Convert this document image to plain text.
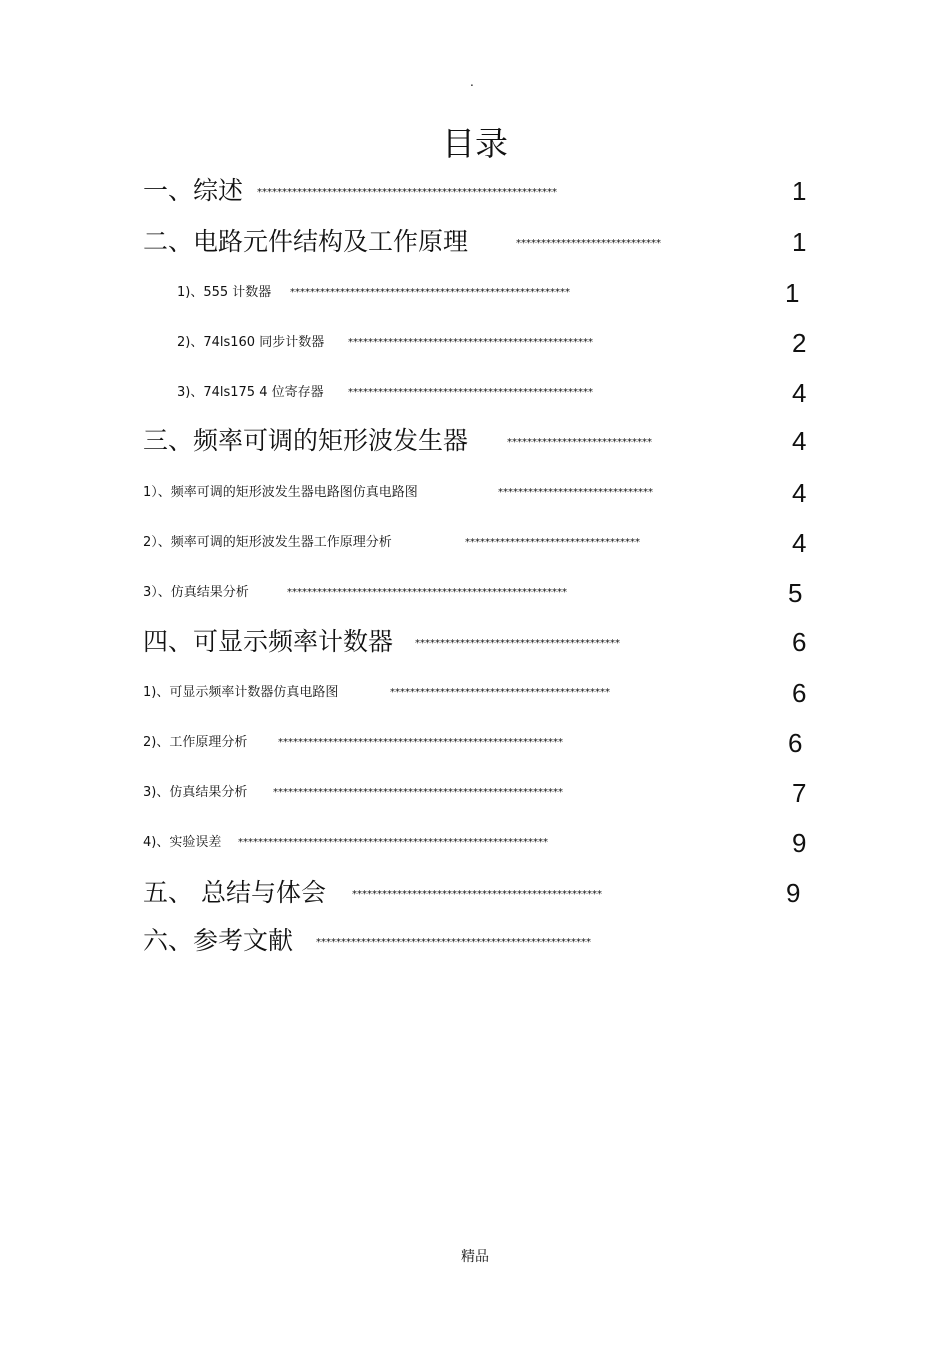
.
目录
一、综述 ************************************************************	1
二、电路元件结构及工作原理	*****************************	1
1)、555 计数器 ********************************************************	1
2)、74ls160 同步计数器 *************************************************	2
3)、74ls175 4 位寄存器 *************************************************	4
三、频率可调的矩形波发生器	*****************************	4
1）、频率可调的矩形波发生器电路图仿真电路图	*******************************	4
2）、频率可调的矩形波发生器工作原理分析	***********************************	4
3）、仿真结果分析	********************************************************	5
四、可显示频率计数器 *****************************************	6
1)、可显示频率计数器仿真电路图	********************************************	6
2)、工作原理分析	*********************************************************	6
3)、仿真结果分析	**********************************************************	7
4)、实验误差 **************************************************************	9
五、 总结与体会	**************************************************	9
六、参考文献 *******************************************************
精品
